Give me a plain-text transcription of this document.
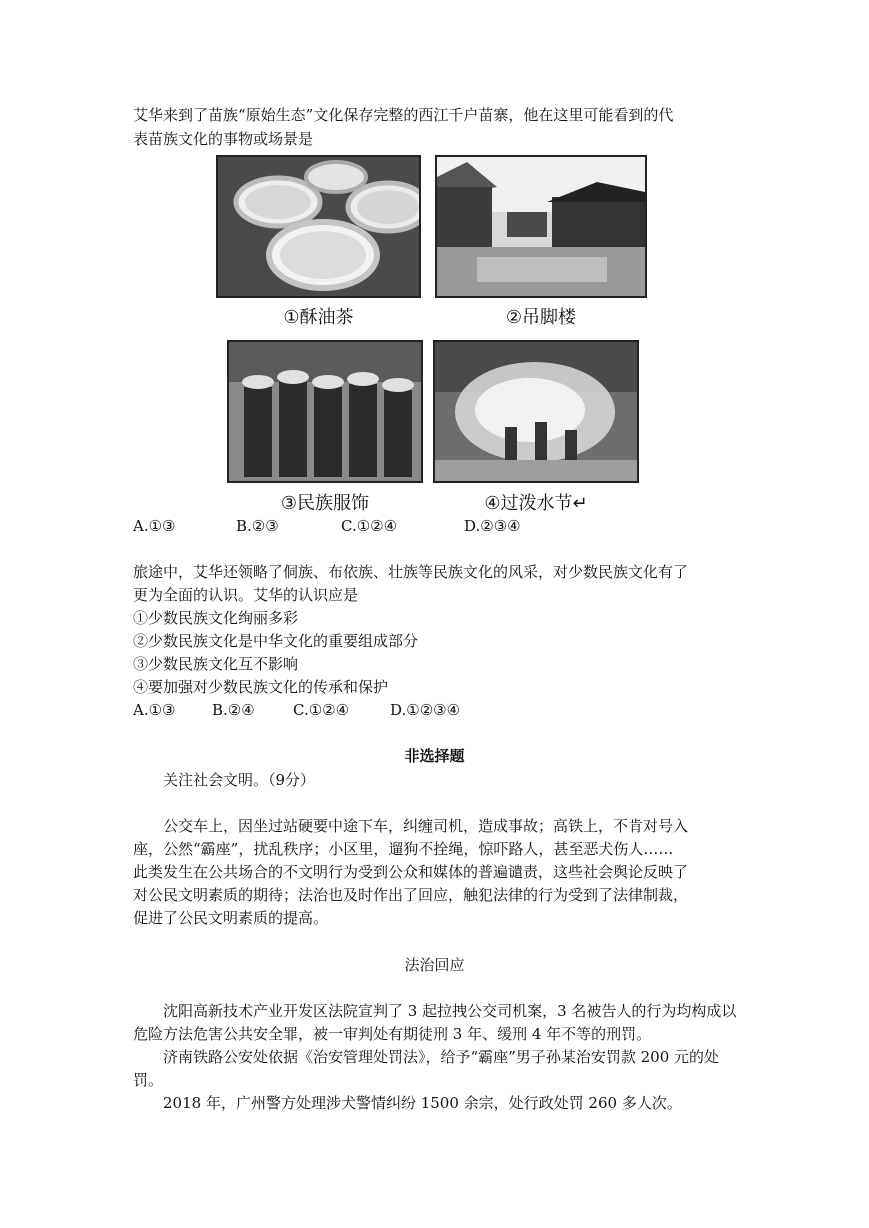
艾华来到了苗族“原始生态”文化保存完整的西江千户苗寨，他在这里可能看到的代
表苗族文化的事物或场景是
①酥油茶	②吊脚楼
③民族服饰	④过泼水节↵
A.①③	B.②③	C.①②④	D.②③④
旅途中，艾华还领略了侗族、布依族、壮族等民族文化的风采，对少数民族文化有了
更为全面的认识。艾华的认识应是
①少数民族文化绚丽多彩
②少数民族文化是中华文化的重要组成部分
③少数民族文化互不影响
④要加强对少数民族文化的传承和保护
A.①③ B.②④	C.①②④	D.①②③④
非选择题
关注社会文明。（9分）
公交车上，因坐过站硬要中途下车，纠缠司机，造成事故；高铁上，不肯对号入
座，公然“霸座”，扰乱秩序；小区里，遛狗不拴绳，惊吓路人，甚至恶犬伤人……
此类发生在公共场合的不文明行为受到公众和媒体的普遍谴责，这些社会舆论反映了
对公民文明素质的期待；法治也及时作出了回应，触犯法律的行为受到了法律制裁，
促进了公民文明素质的提高。
法治回应
沈阳高新技术产业开发区法院宣判了 3 起拉拽公交司机案，3 名被告人的行为均构成以
危险方法危害公共安全罪，被一审判处有期徒刑 3 年、缓刑 4 年不等的刑罚。
济南铁路公安处依据《治安管理处罚法》，给予“霸座”男子孙某治安罚款 200 元的处
罚。
2018 年，广州警方处理涉犬警情纠纷 1500 余宗，处行政处罚 260 多人次。
